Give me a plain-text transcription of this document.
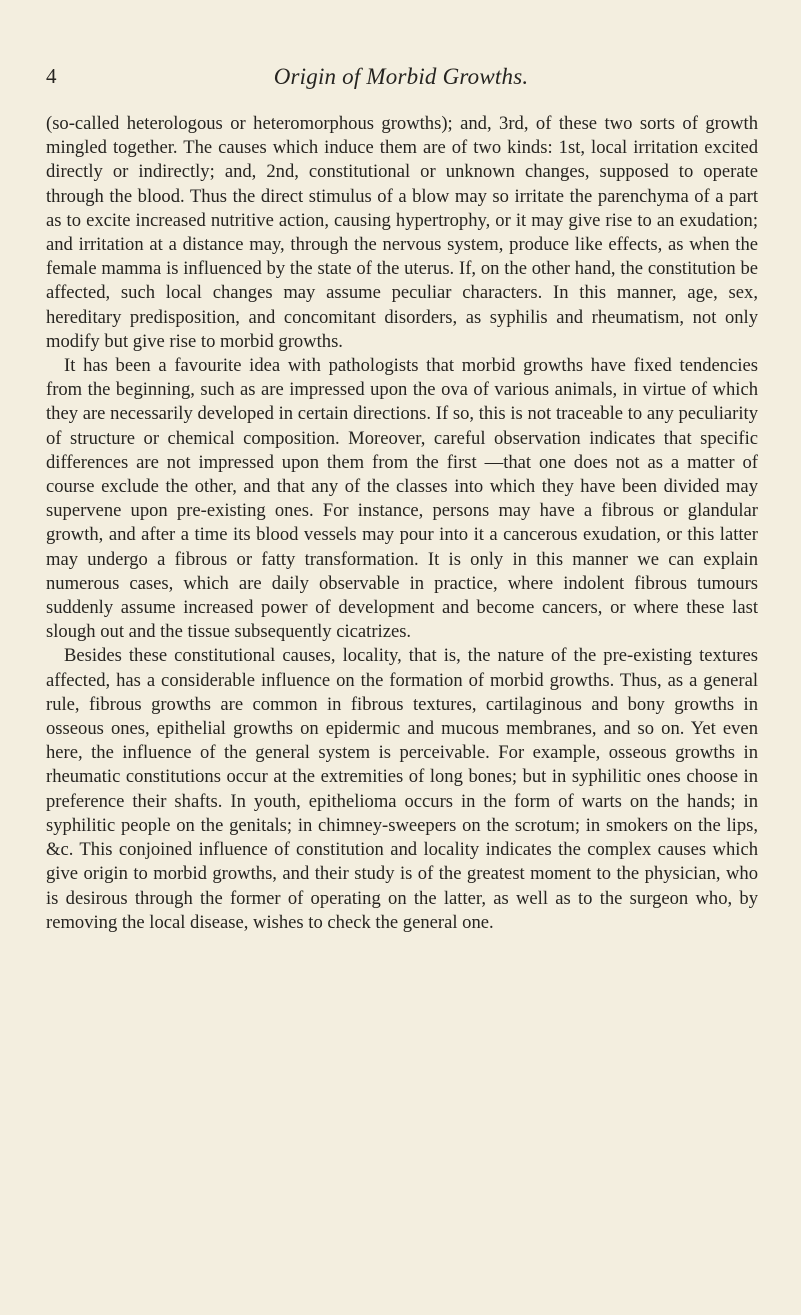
4	Origin of Morbid Growths.

(so-called heterologous or heteromorphous growths); and, 3rd, of these two sorts of growth mingled together. The causes which induce them are of two kinds: 1st, local irritation excited directly or indirectly; and, 2nd, constitutional or unknown changes, supposed to operate through the blood. Thus the direct stimulus of a blow may so irritate the parenchyma of a part as to excite increased nutritive action, causing hypertrophy, or it may give rise to an exudation; and irritation at a distance may, through the nervous system, produce like effects, as when the female mamma is influenced by the state of the uterus. If, on the other hand, the constitution be affected, such local changes may assume peculiar characters. In this manner, age, sex, hereditary predisposition, and concomitant disorders, as syphilis and rheumatism, not only modify but give rise to morbid growths.

It has been a favourite idea with pathologists that morbid growths have fixed tendencies from the beginning, such as are impressed upon the ova of various animals, in virtue of which they are necessarily developed in certain directions. If so, this is not traceable to any peculiarity of structure or chemical composition. Moreover, careful observation indicates that specific differences are not impressed upon them from the first —that one does not as a matter of course exclude the other, and that any of the classes into which they have been divided may supervene upon pre-existing ones. For instance, persons may have a fibrous or glandular growth, and after a time its blood vessels may pour into it a cancerous exudation, or this latter may undergo a fibrous or fatty transformation. It is only in this manner we can explain numerous cases, which are daily observable in practice, where indolent fibrous tumours suddenly assume increased power of development and become cancers, or where these last slough out and the tissue subsequently cicatrizes.

Besides these constitutional causes, locality, that is, the nature of the pre-existing textures affected, has a considerable influence on the formation of morbid growths. Thus, as a general rule, fibrous growths are common in fibrous textures, cartilaginous and bony growths in osseous ones, epithelial growths on epidermic and mucous membranes, and so on. Yet even here, the influence of the general system is perceivable. For example, osseous growths in rheumatic constitutions occur at the extremities of long bones; but in syphilitic ones choose in preference their shafts. In youth, epithelioma occurs in the form of warts on the hands; in syphilitic people on the genitals; in chimney-sweepers on the scrotum; in smokers on the lips, &c. This conjoined influence of constitution and locality indicates the complex causes which give origin to morbid growths, and their study is of the greatest moment to the physician, who is desirous through the former of operating on the latter, as well as to the surgeon who, by removing the local disease, wishes to check the general one.
